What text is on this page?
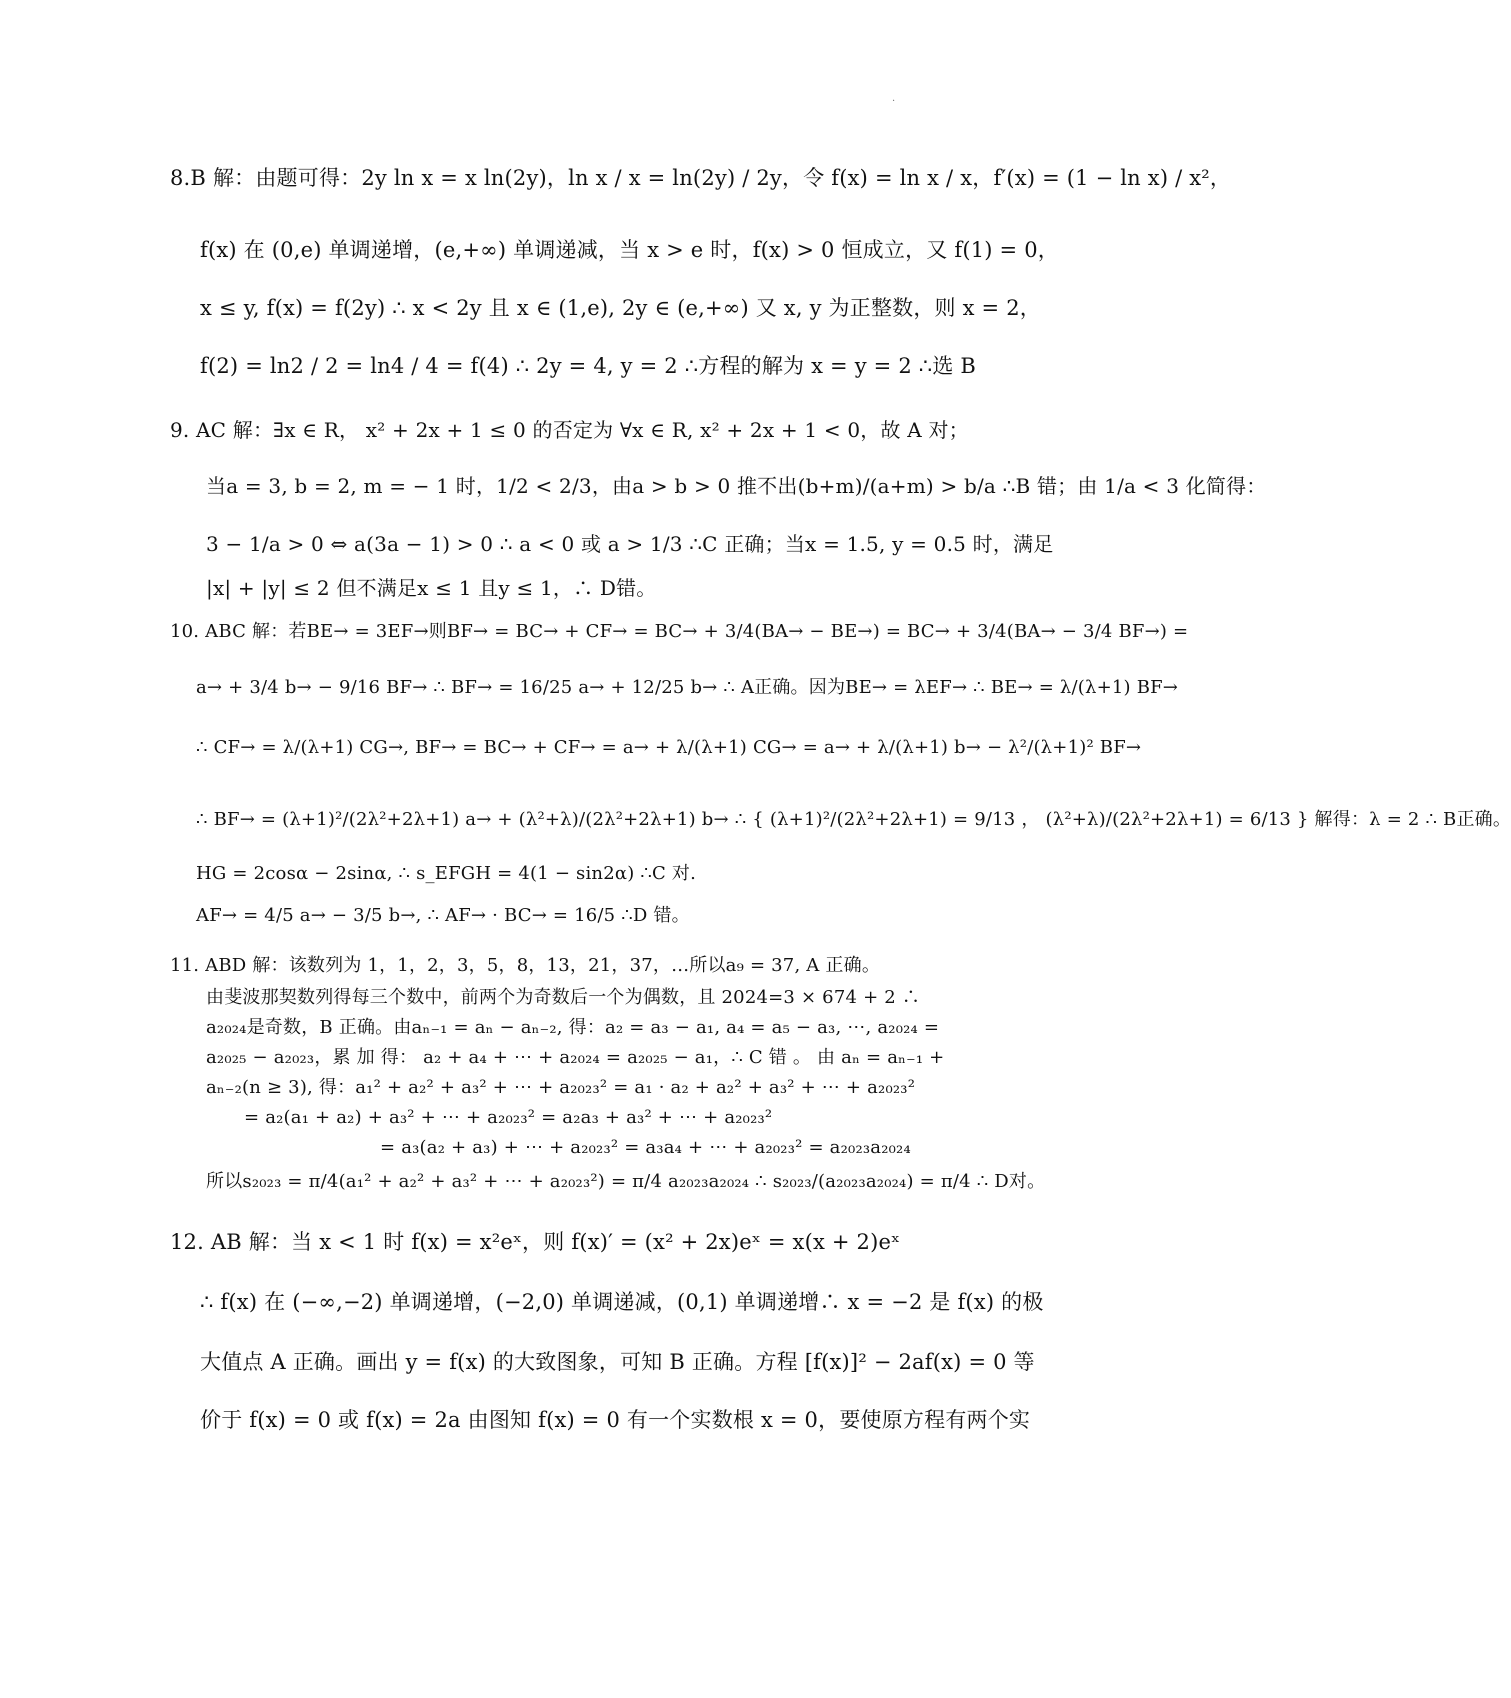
·
8.B 解：由题可得：2y ln x = x ln(2y)，ln x / x = ln(2y) / 2y，令 f(x) = ln x / x，f′(x) = (1 − ln x) / x²，
f(x) 在 (0,e) 单调递增，(e,+∞) 单调递减，当 x > e 时，f(x) > 0 恒成立，又 f(1) = 0，
x ≤ y, f(x) = f(2y) ∴ x < 2y 且 x ∈ (1,e), 2y ∈ (e,+∞) 又 x, y 为正整数，则 x = 2，
f(2) = ln2 / 2 = ln4 / 4 = f(4) ∴ 2y = 4, y = 2 ∴方程的解为 x = y = 2 ∴选 B
9. AC 解：∃x ∈ R， x² + 2x + 1 ≤ 0 的否定为 ∀x ∈ R, x² + 2x + 1 < 0，故 A 对；
当a = 3, b = 2, m = − 1 时，1/2 < 2/3，由a > b > 0 推不出(b+m)/(a+m) > b/a ∴B 错；由 1/a < 3 化简得：
3 − 1/a > 0 ⇔ a(3a − 1) > 0 ∴ a < 0 或 a > 1/3 ∴C 正确；当x = 1.5, y = 0.5 时，满足
|x| + |y| ≤ 2 但不满足x ≤ 1 且y ≤ 1，∴ D错。
10. ABC 解：若BE→ = 3EF→则BF→ = BC→ + CF→ = BC→ + 3/4(BA→ − BE→) = BC→ + 3/4(BA→ − 3/4 BF→) =
a→ + 3/4 b→ − 9/16 BF→ ∴ BF→ = 16/25 a→ + 12/25 b→ ∴ A正确。因为BE→ = λEF→ ∴ BE→ = λ/(λ+1) BF→
∴ CF→ = λ/(λ+1) CG→, BF→ = BC→ + CF→ = a→ + λ/(λ+1) CG→ = a→ + λ/(λ+1) b→ − λ²/(λ+1)² BF→
∴ BF→ = (λ+1)²/(2λ²+2λ+1) a→ + (λ²+λ)/(2λ²+2λ+1) b→ ∴ { (λ+1)²/(2λ²+2λ+1) = 9/13 ， (λ²+λ)/(2λ²+2λ+1) = 6/13 } 解得：λ = 2 ∴ B正确。
HG = 2cosα − 2sinα, ∴ s_EFGH = 4(1 − sin2α) ∴C 对.
AF→ = 4/5 a→ − 3/5 b→, ∴ AF→ · BC→ = 16/5 ∴D 错。
11. ABD 解：该数列为 1，1，2，3，5，8，13，21，37，…所以a₉ = 37, A 正确。
由斐波那契数列得每三个数中，前两个为奇数后一个为偶数，且 2024=3 × 674 + 2 ∴
a₂₀₂₄是奇数，B 正确。由aₙ₋₁ = aₙ − aₙ₋₂, 得：a₂ = a₃ − a₁, a₄ = a₅ − a₃, ⋯, a₂₀₂₄ =
a₂₀₂₅ − a₂₀₂₃，累 加 得： a₂ + a₄ + ⋯ + a₂₀₂₄ = a₂₀₂₅ − a₁，∴ C 错 。 由 aₙ = aₙ₋₁ +
aₙ₋₂(n ≥ 3), 得：a₁² + a₂² + a₃² + ⋯ + a₂₀₂₃² = a₁ · a₂ + a₂² + a₃² + ⋯ + a₂₀₂₃²
= a₂(a₁ + a₂) + a₃² + ⋯ + a₂₀₂₃² = a₂a₃ + a₃² + ⋯ + a₂₀₂₃²
= a₃(a₂ + a₃) + ⋯ + a₂₀₂₃² = a₃a₄ + ⋯ + a₂₀₂₃² = a₂₀₂₃a₂₀₂₄
所以s₂₀₂₃ = π/4(a₁² + a₂² + a₃² + ⋯ + a₂₀₂₃²) = π/4 a₂₀₂₃a₂₀₂₄ ∴ s₂₀₂₃/(a₂₀₂₃a₂₀₂₄) = π/4 ∴ D对。
12. AB 解：当 x < 1 时 f(x) = x²eˣ，则 f(x)′ = (x² + 2x)eˣ = x(x + 2)eˣ
∴ f(x) 在 (−∞,−2) 单调递增，(−2,0) 单调递减，(0,1) 单调递增∴ x = −2 是 f(x) 的极
大值点 A 正确。画出 y = f(x) 的大致图象，可知 B 正确。方程 [f(x)]² − 2af(x) = 0 等
价于 f(x) = 0 或 f(x) = 2a 由图知 f(x) = 0 有一个实数根 x = 0，要使原方程有两个实
